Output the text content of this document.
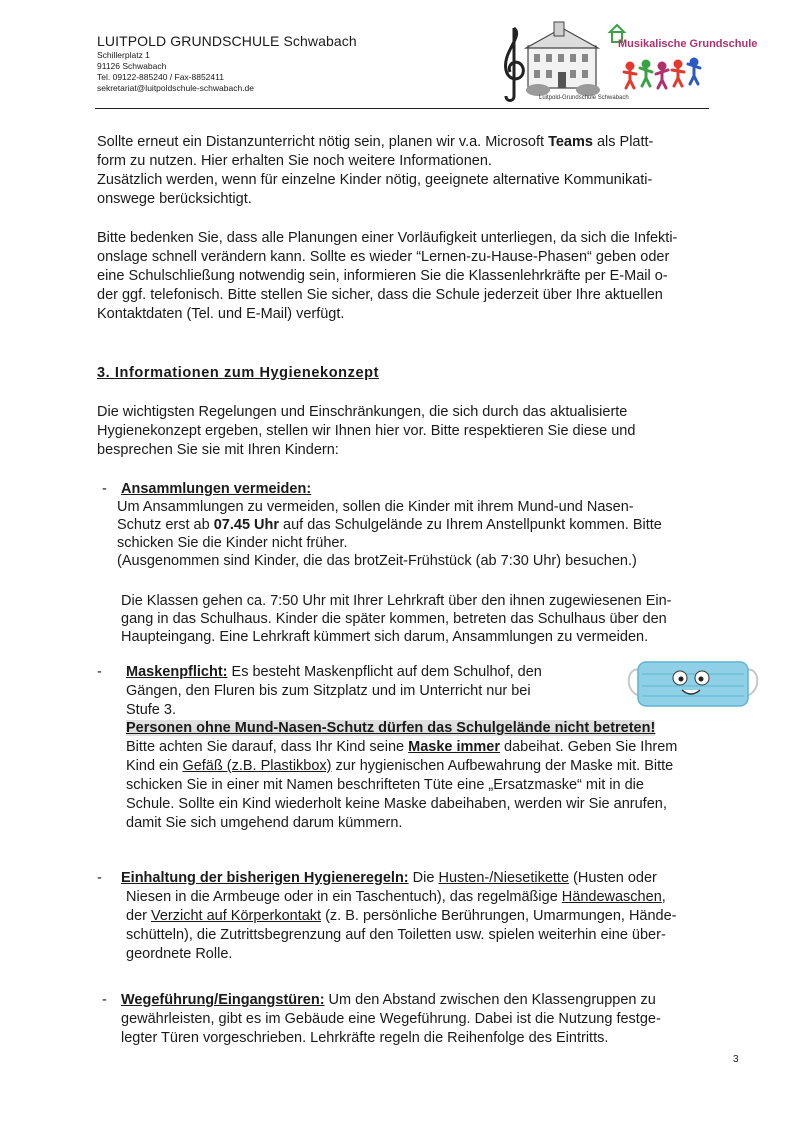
LUITPOLD GRUNDSCHULE Schwabach
Schillerplatz 1
91126 Schwabach
Tel. 09122-885240 / Fax-8852411
sekretariat@luitpoldschule-schwabach.de
Musikalische Grundschule
Luitpold-Grundschule Schwabach
Sollte erneut ein Distanzunterricht nötig sein, planen wir v.a. Microsoft Teams als Platt-
form zu nutzen. Hier erhalten Sie noch weitere Informationen.
Zusätzlich werden, wenn für einzelne Kinder nötig, geeignete alternative Kommunikati-
onswege berücksichtigt.
Bitte bedenken Sie, dass alle Planungen einer Vorläufigkeit unterliegen, da sich die Infekti-
onslage schnell verändern kann. Sollte es wieder “Lernen-zu-Hause-Phasen“ geben oder
eine Schulschließung notwendig sein, informieren Sie die Klassenlehrkräfte per E-Mail o-
der ggf. telefonisch. Bitte stellen Sie sicher, dass die Schule jederzeit über Ihre aktuellen
Kontaktdaten (Tel. und E-Mail) verfügt.
3. Informationen zum Hygienekonzept
Die wichtigsten Regelungen und Einschränkungen, die sich durch das aktualisierte
Hygienekonzept ergeben, stellen wir Ihnen hier vor. Bitte respektieren Sie diese und
besprechen Sie sie mit Ihren Kindern:
- Ansammlungen vermeiden:
Um Ansammlungen zu vermeiden, sollen die Kinder mit ihrem Mund-und Nasen-
Schutz erst ab 07.45 Uhr auf das Schulgelände zu Ihrem Anstellpunkt kommen. Bitte
schicken Sie die Kinder nicht früher.
(Ausgenommen sind Kinder, die das brotZeit-Frühstück (ab 7:30 Uhr) besuchen.)
Die Klassen gehen ca. 7:50 Uhr mit Ihrer Lehrkraft über den ihnen zugewiesenen Ein-
gang in das Schulhaus. Kinder die später kommen, betreten das Schulhaus über den
Haupteingang. Eine Lehrkraft kümmert sich darum, Ansammlungen zu vermeiden.
- Maskenpflicht: Es besteht Maskenpflicht auf dem Schulhof, den
Gängen, den Fluren bis zum Sitzplatz und im Unterricht nur bei
Stufe 3.
Personen ohne Mund-Nasen-Schutz dürfen das Schulgelände nicht betreten!
Bitte achten Sie darauf, dass Ihr Kind seine Maske immer dabeihat. Geben Sie Ihrem
Kind ein Gefäß (z.B. Plastikbox) zur hygienischen Aufbewahrung der Maske mit. Bitte
schicken Sie in einer mit Namen beschrifteten Tüte eine „Ersatzmaske“ mit in die
Schule. Sollte ein Kind wiederholt keine Maske dabeihaben, werden wir Sie anrufen,
damit Sie sich umgehend darum kümmern.
- Einhaltung der bisherigen Hygieneregeln: Die Husten-/Niesetikette (Husten oder
Niesen in die Armbeuge oder in ein Taschentuch), das regelmäßige Händewaschen,
der Verzicht auf Körperkontakt (z. B. persönliche Berührungen, Umarmungen, Hände-
schütteln), die Zutrittsbegrenzung auf den Toiletten usw. spielen weiterhin eine über-
geordnete Rolle.
- Wegeführung/Eingangstüren: Um den Abstand zwischen den Klassengruppen zu
gewährleisten, gibt es im Gebäude eine Wegeführung. Dabei ist die Nutzung festge-
legter Türen vorgeschrieben. Lehrkräfte regeln die Reihenfolge des Eintritts.
3
